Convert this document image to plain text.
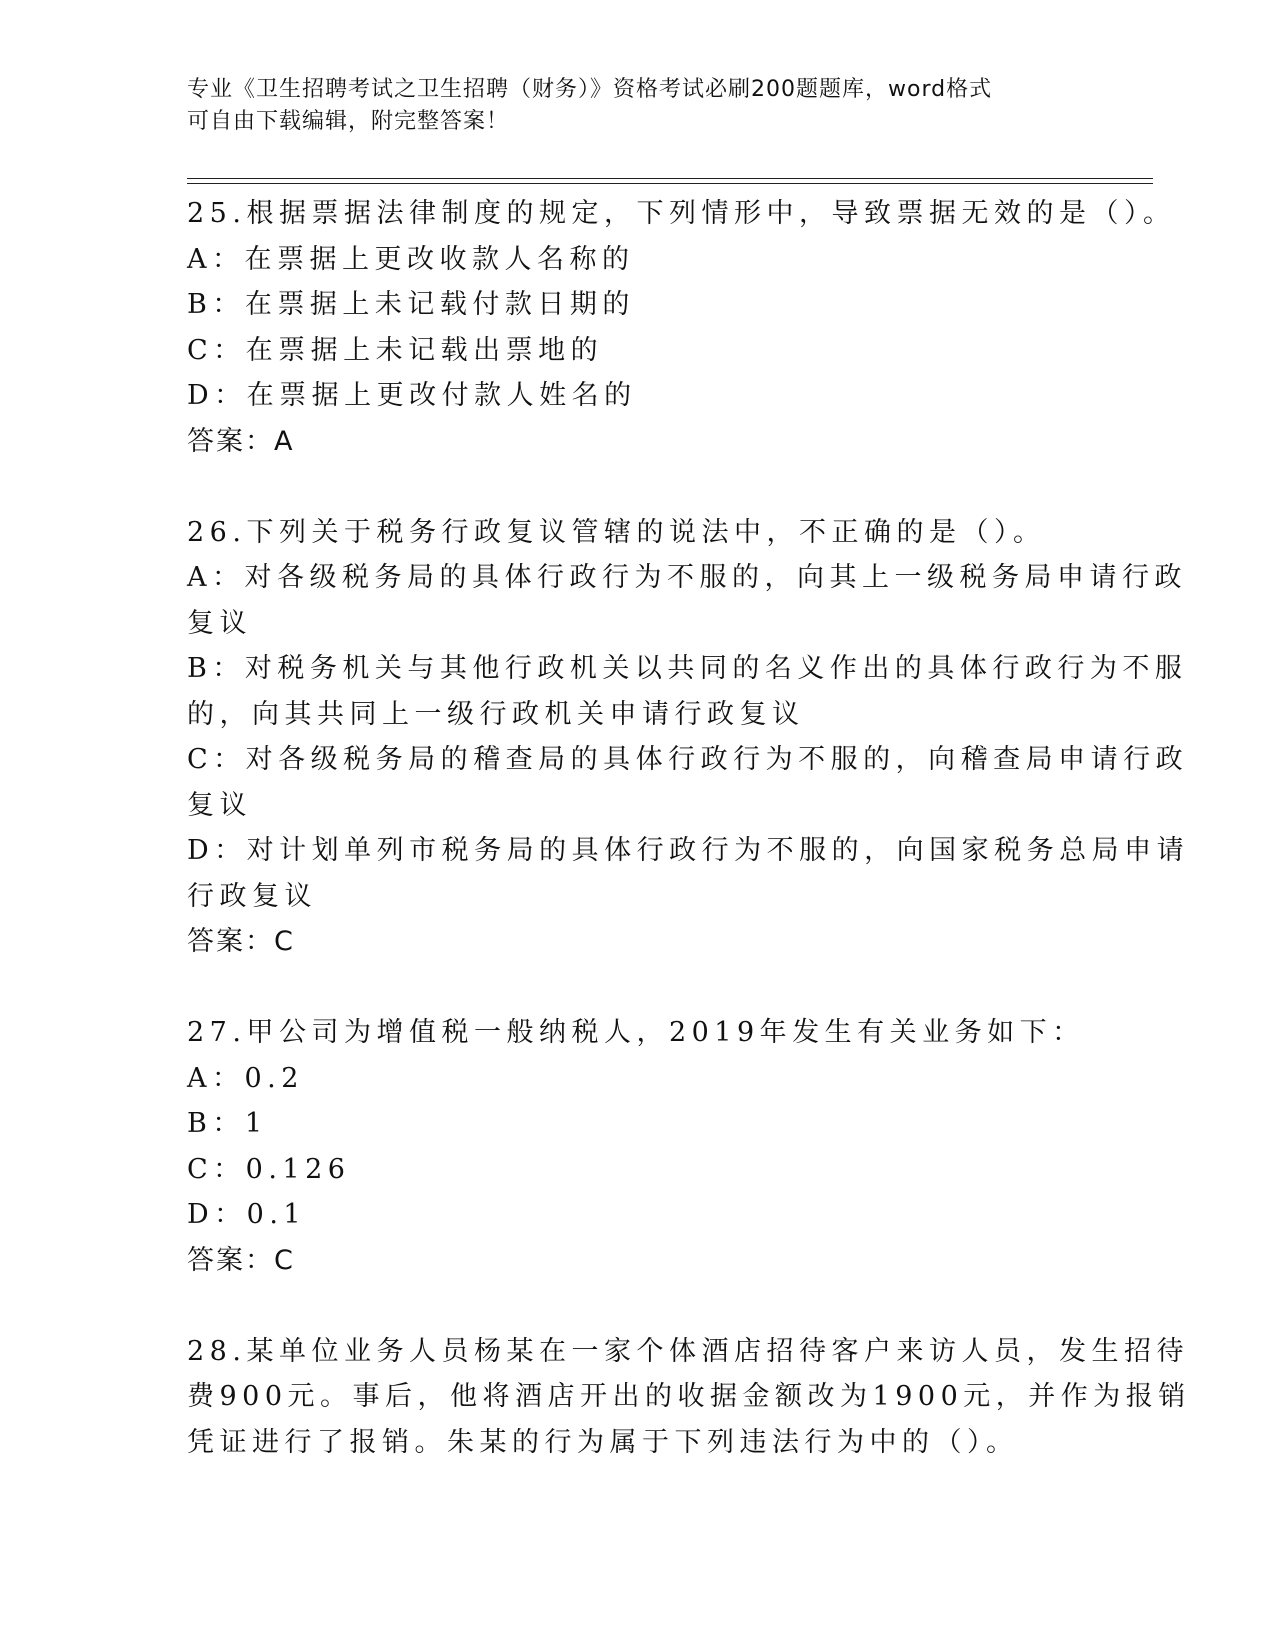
专业《卫生招聘考试之卫生招聘（财务）》资格考试必刷200题题库，word格式
可自由下载编辑，附完整答案！
25.根据票据法律制度的规定，下列情形中，导致票据无效的是（）。
A：在票据上更改收款人名称的
B：在票据上未记载付款日期的
C：在票据上未记载出票地的
D：在票据上更改付款人姓名的
答案：A
26.下列关于税务行政复议管辖的说法中，不正确的是（）。
A：对各级税务局的具体行政行为不服的，向其上一级税务局申请行政
复议
B：对税务机关与其他行政机关以共同的名义作出的具体行政行为不服
的，向其共同上一级行政机关申请行政复议
C：对各级税务局的稽查局的具体行政行为不服的，向稽查局申请行政
复议
D：对计划单列市税务局的具体行政行为不服的，向国家税务总局申请
行政复议
答案：C
27.甲公司为增值税一般纳税人，2019年发生有关业务如下：
A：0.2
B：1
C：0.126
D：0.1
答案：C
28.某单位业务人员杨某在一家个体酒店招待客户来访人员，发生招待
费900元。事后，他将酒店开出的收据金额改为1900元，并作为报销
凭证进行了报销。朱某的行为属于下列违法行为中的（）。
